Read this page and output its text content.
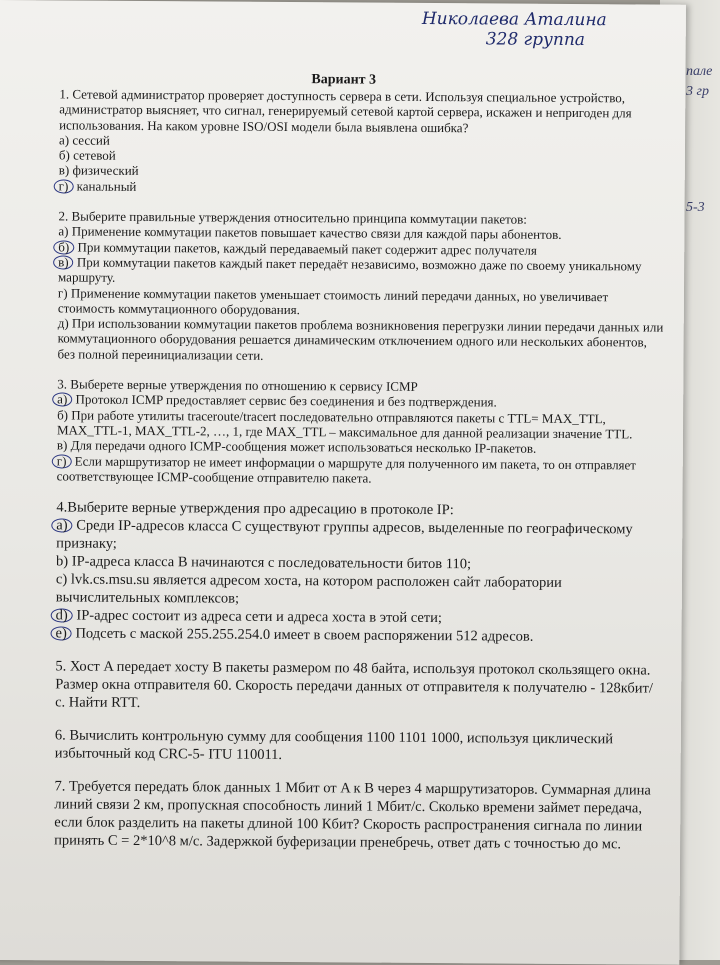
палe
3 гр
5-3
Николаева Аталина
328 группа
Вариант 3

1. Сетевой администратор проверяет доступность сервера в сети. Используя специальное устройство, администратор выясняет, что сигнал, генерируемый сетевой картой сервера, искажен и непригоден для использования. На каком уровне ISO/OSI модели была выявлена ошибка?

а) сессий
б) сетевой
в) физический
г) канальный

2. Выберите правильные утверждения относительно принципа коммутации пакетов:

а) Применение коммутации пакетов повышает качество связи для каждой пары абонентов.
б) При коммутации пакетов, каждый передаваемый пакет содержит адрес получателя
в) При коммутации пакетов каждый пакет передаёт независимо, возможно даже по своему уникальному маршруту.
г) Применение коммутации пакетов уменьшает стоимость линий передачи данных, но увеличивает стоимость коммутационного оборудования.
д) При использовании коммутации пакетов проблема возникновения перегрузки линии передачи данных или коммутационного оборудования решается динамическим отключением одного или нескольких абонентов, без полной переинициализации сети.

3. Выберете верные утверждения по отношению к сервису ICMP

а) Протокол ICMP предоставляет сервис без соединения и без подтверждения.
б) При работе утилиты traceroute/tracert последовательно отправляются пакеты с TTL= MAX_TTL, MAX_TTL-1, MAX_TTL-2, …, 1, где MAX_TTL – максимальное для данной реализации значение TTL.
в) Для передачи одного ICMP-сообщения может использоваться несколько IP-пакетов.
г) Если маршрутизатор не имеет информации о маршруте для полученного им пакета, то он отправляет соответствующее ICMP-сообщение отправителю пакета.

4.Выберите верные утверждения про адресацию в протоколе IP:

a) Среди IP-адресов класса C существуют группы адресов, выделенные по географическому признаку;
b) IP-адреса класса B начинаются с последовательности битов 110;
c) lvk.cs.msu.su является адресом хоста, на котором расположен сайт лаборатории вычислительных комплексов;
d) IP-адрес состоит из адреса сети и адреса хоста в этой сети;
e) Подсеть с маской 255.255.254.0 имеет в своем распоряжении 512 адресов.

5. Хост A передает хосту B пакеты размером по 48 байта, используя протокол скользящего окна. Размер окна отправителя 60. Скорость передачи данных от отправителя к получателю - 128кбит/с. Найти RTT.

6. Вычислить контрольную сумму для сообщения 1100 1101 1000, используя циклический избыточный код CRC-5- ITU 110011.

7. Требуется передать блок данных 1 Мбит от A к B через 4 маршрутизаторов. Суммарная длина линий связи 2 км, пропускная способность линий 1 Мбит/с. Сколько времени займет передача, если блок разделить на пакеты длиной 100 Кбит? Скорость распространения сигнала по линии принять C = 2*10^8 м/с. Задержкой буферизации пренебречь, ответ дать с точностью до мс.
